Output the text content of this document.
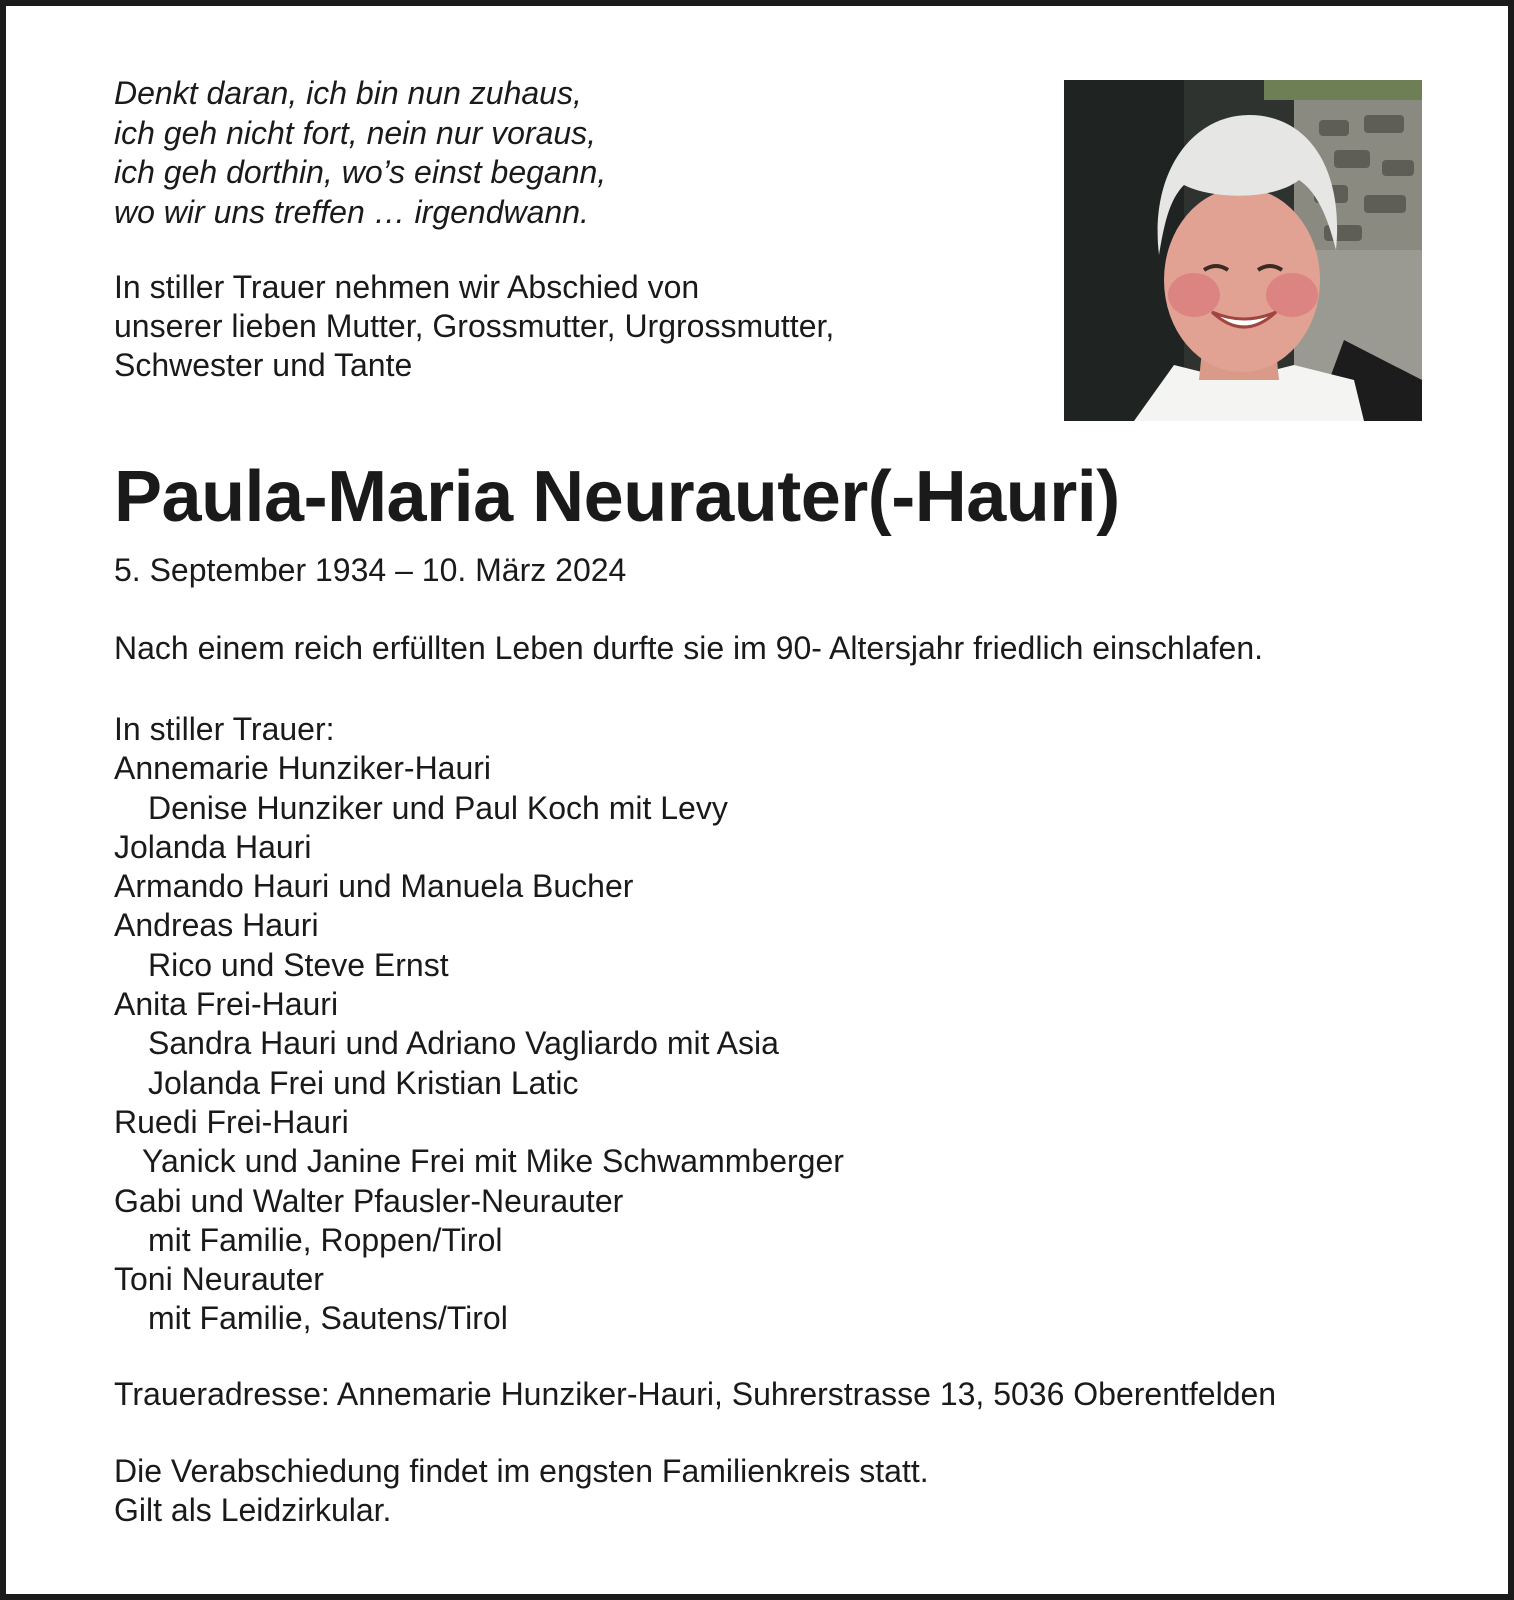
Denkt daran, ich bin nun zuhaus,
ich geh nicht fort, nein nur voraus,
ich geh dorthin, wo’s einst begann,
wo wir uns treffen … irgendwann.
In stiller Trauer nehmen wir Abschied von
unserer lieben Mutter, Grossmutter, Urgrossmutter,
Schwester und Tante
Paula-Maria Neurauter(-Hauri)
5. September 1934 – 10. März 2024
Nach einem reich erfüllten Leben durfte sie im 90- Altersjahr friedlich einschlafen.
In stiller Trauer:
Annemarie Hunziker-Hauri
Denise Hunziker und Paul Koch mit Levy
Jolanda Hauri
Armando Hauri und Manuela Bucher
Andreas Hauri
Rico und Steve Ernst
Anita Frei-Hauri
Sandra Hauri und Adriano Vagliardo mit Asia
Jolanda Frei und Kristian Latic
Ruedi Frei-Hauri
Yanick und Janine Frei mit Mike Schwammberger
Gabi und Walter Pfausler-Neurauter
mit Familie, Roppen/Tirol
Toni Neurauter
mit Familie, Sautens/Tirol
Traueradresse: Annemarie Hunziker-Hauri, Suhrerstrasse 13, 5036 Oberentfelden
Die Verabschiedung findet im engsten Familienkreis statt.
Gilt als Leidzirkular.
